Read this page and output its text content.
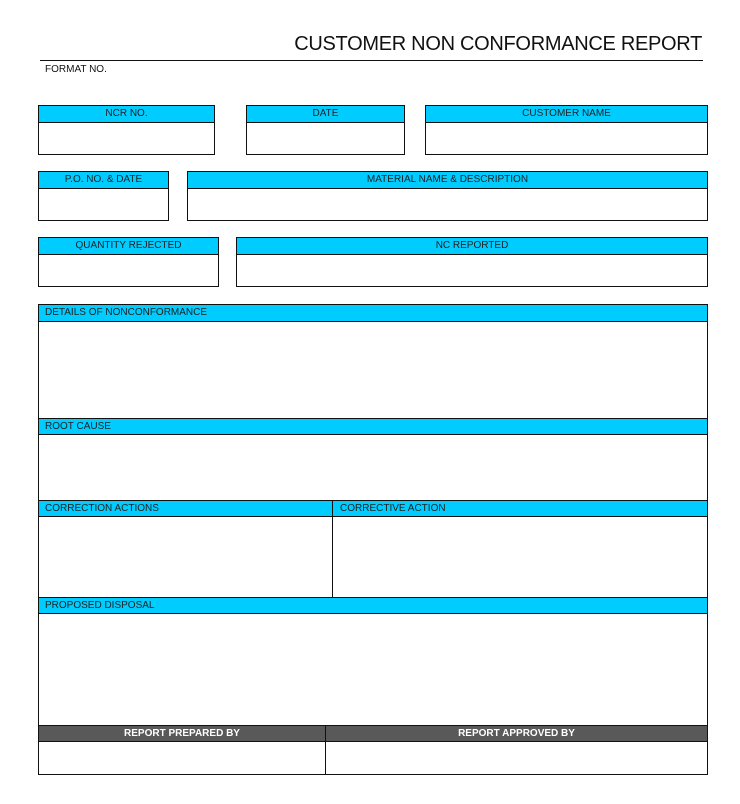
CUSTOMER NON CONFORMANCE REPORT
FORMAT NO.
NCR NO.	DATE	CUSTOMER NAME
P.O. NO. & DATE	MATERIAL NAME & DESCRIPTION
QUANTITY REJECTED	NC REPORTED
DETAILS OF NONCONFORMANCE
ROOT CAUSE
CORRECTION ACTIONS	CORRECTIVE ACTION
PROPOSED DISPOSAL
REPORT PREPARED BY	REPORT APPROVED BY
